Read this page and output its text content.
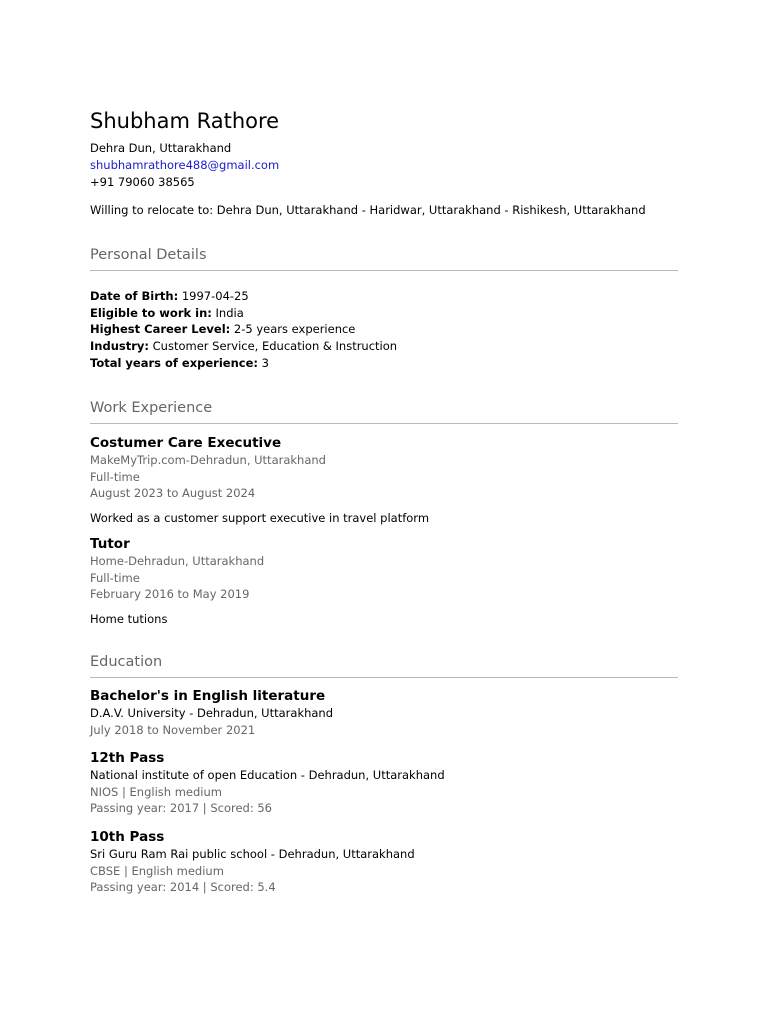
Shubham Rathore
Dehra Dun, Uttarakhand
shubhamrathore488@gmail.com
+91 79060 38565
Willing to relocate to: Dehra Dun, Uttarakhand - Haridwar, Uttarakhand - Rishikesh, Uttarakhand
Personal Details
Date of Birth: 1997-04-25
Eligible to work in: India
Highest Career Level: 2-5 years experience
Industry: Customer Service, Education & Instruction
Total years of experience: 3
Work Experience
Costumer Care Executive
MakeMyTrip.com-Dehradun, Uttarakhand
Full-time
August 2023 to August 2024
Worked as a customer support executive in travel platform
Tutor
Home-Dehradun, Uttarakhand
Full-time
February 2016 to May 2019
Home tutions
Education
Bachelor's in English literature
D.A.V. University - Dehradun, Uttarakhand
July 2018 to November 2021
12th Pass
National institute of open Education - Dehradun, Uttarakhand
NIOS | English medium
Passing year: 2017 | Scored: 56
10th Pass
Sri Guru Ram Rai public school - Dehradun, Uttarakhand
CBSE | English medium
Passing year: 2014 | Scored: 5.4
